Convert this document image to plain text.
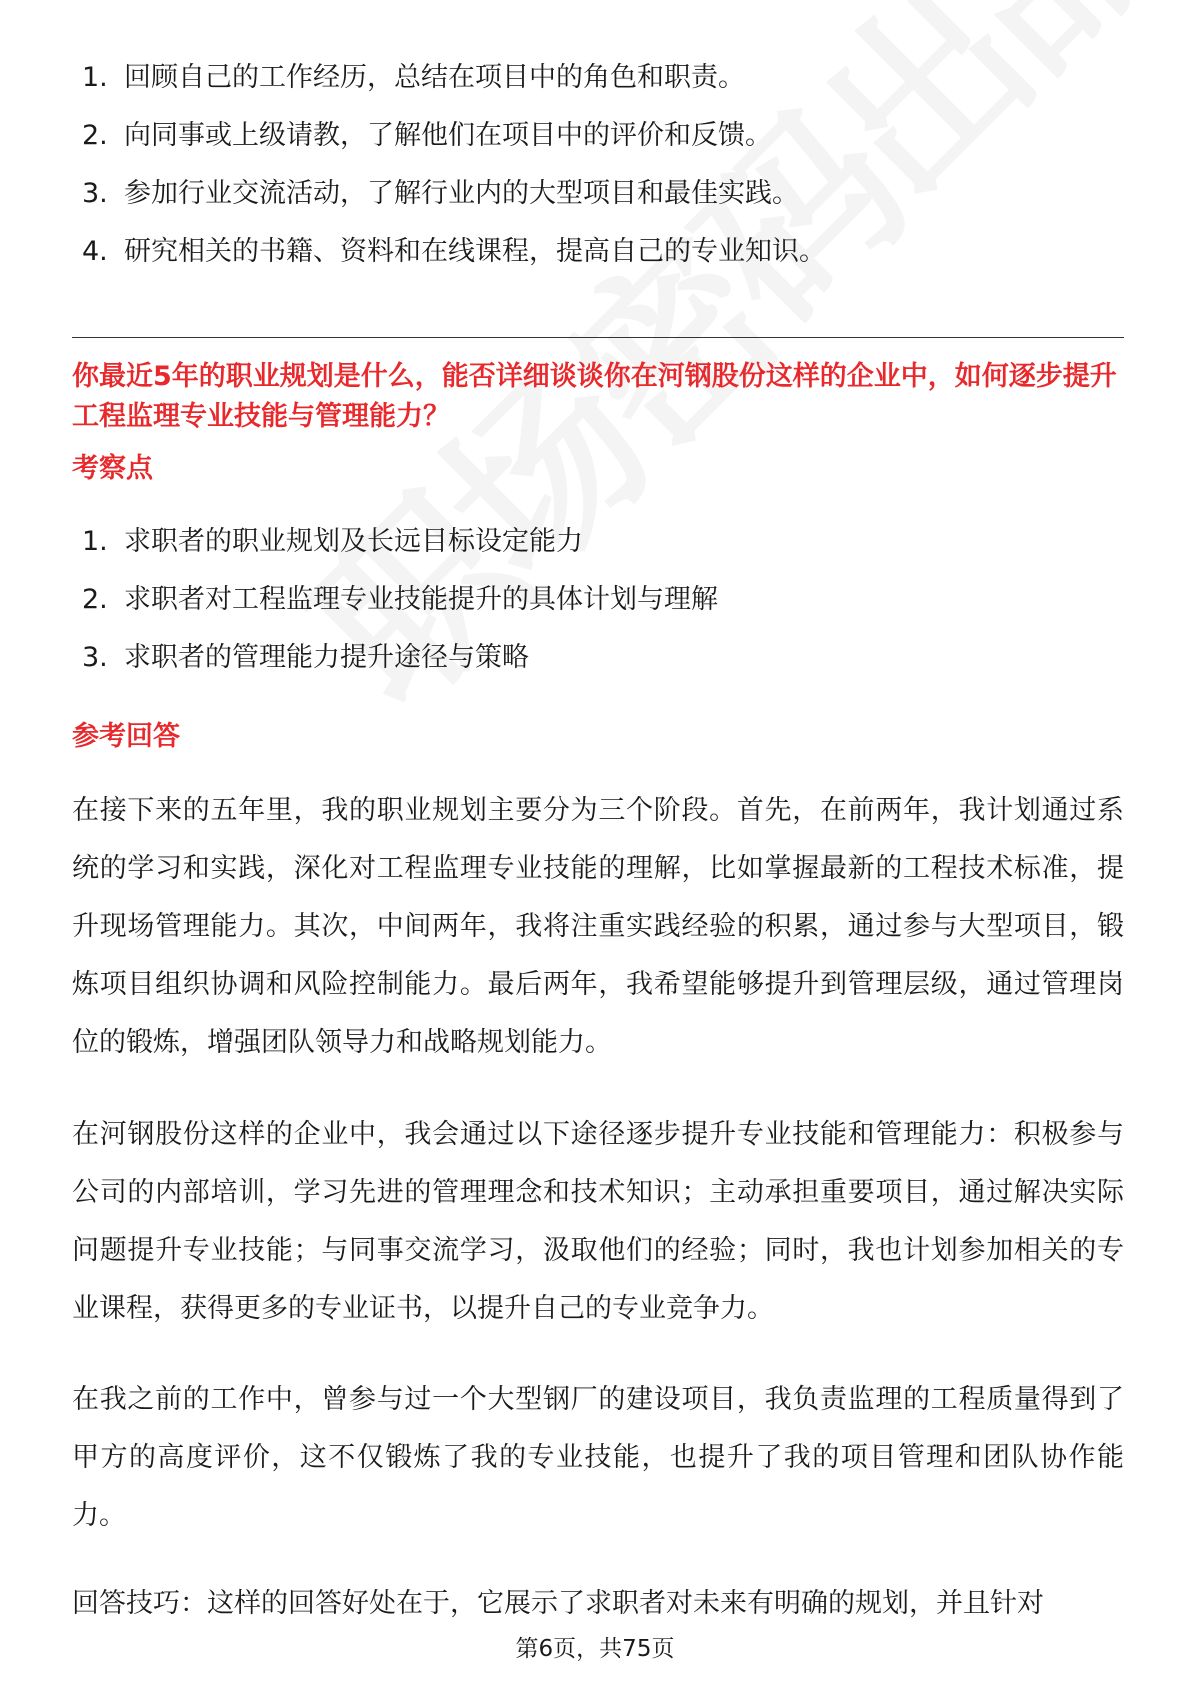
1. 回顾自己的工作经历，总结在项目中的角色和职责。
2. 向同事或上级请教，了解他们在项目中的评价和反馈。
3. 参加行业交流活动，了解行业内的大型项目和最佳实践。
4. 研究相关的书籍、资料和在线课程，提高自己的专业知识。
你最近5年的职业规划是什么，能否详细谈谈你在河钢股份这样的企业中，如何逐步提升工程监理专业技能与管理能力？
考察点
1. 求职者的职业规划及长远目标设定能力
2. 求职者对工程监理专业技能提升的具体计划与理解
3. 求职者的管理能力提升途径与策略
参考回答
在接下来的五年里，我的职业规划主要分为三个阶段。首先，在前两年，我计划通过系统的学习和实践，深化对工程监理专业技能的理解，比如掌握最新的工程技术标准，提升现场管理能力。其次，中间两年，我将注重实践经验的积累，通过参与大型项目，锻炼项目组织协调和风险控制能力。最后两年，我希望能够提升到管理层级，通过管理岗位的锻炼，增强团队领导力和战略规划能力。
在河钢股份这样的企业中，我会通过以下途径逐步提升专业技能和管理能力：积极参与公司的内部培训，学习先进的管理理念和技术知识；主动承担重要项目，通过解决实际问题提升专业技能；与同事交流学习，汲取他们的经验；同时，我也计划参加相关的专业课程，获得更多的专业证书，以提升自己的专业竞争力。
在我之前的工作中，曾参与过一个大型钢厂的建设项目，我负责监理的工程质量得到了甲方的高度评价，这不仅锻炼了我的专业技能，也提升了我的项目管理和团队协作能力。
回答技巧：这样的回答好处在于，它展示了求职者对未来有明确的规划，并且针对
第6页，共75页
